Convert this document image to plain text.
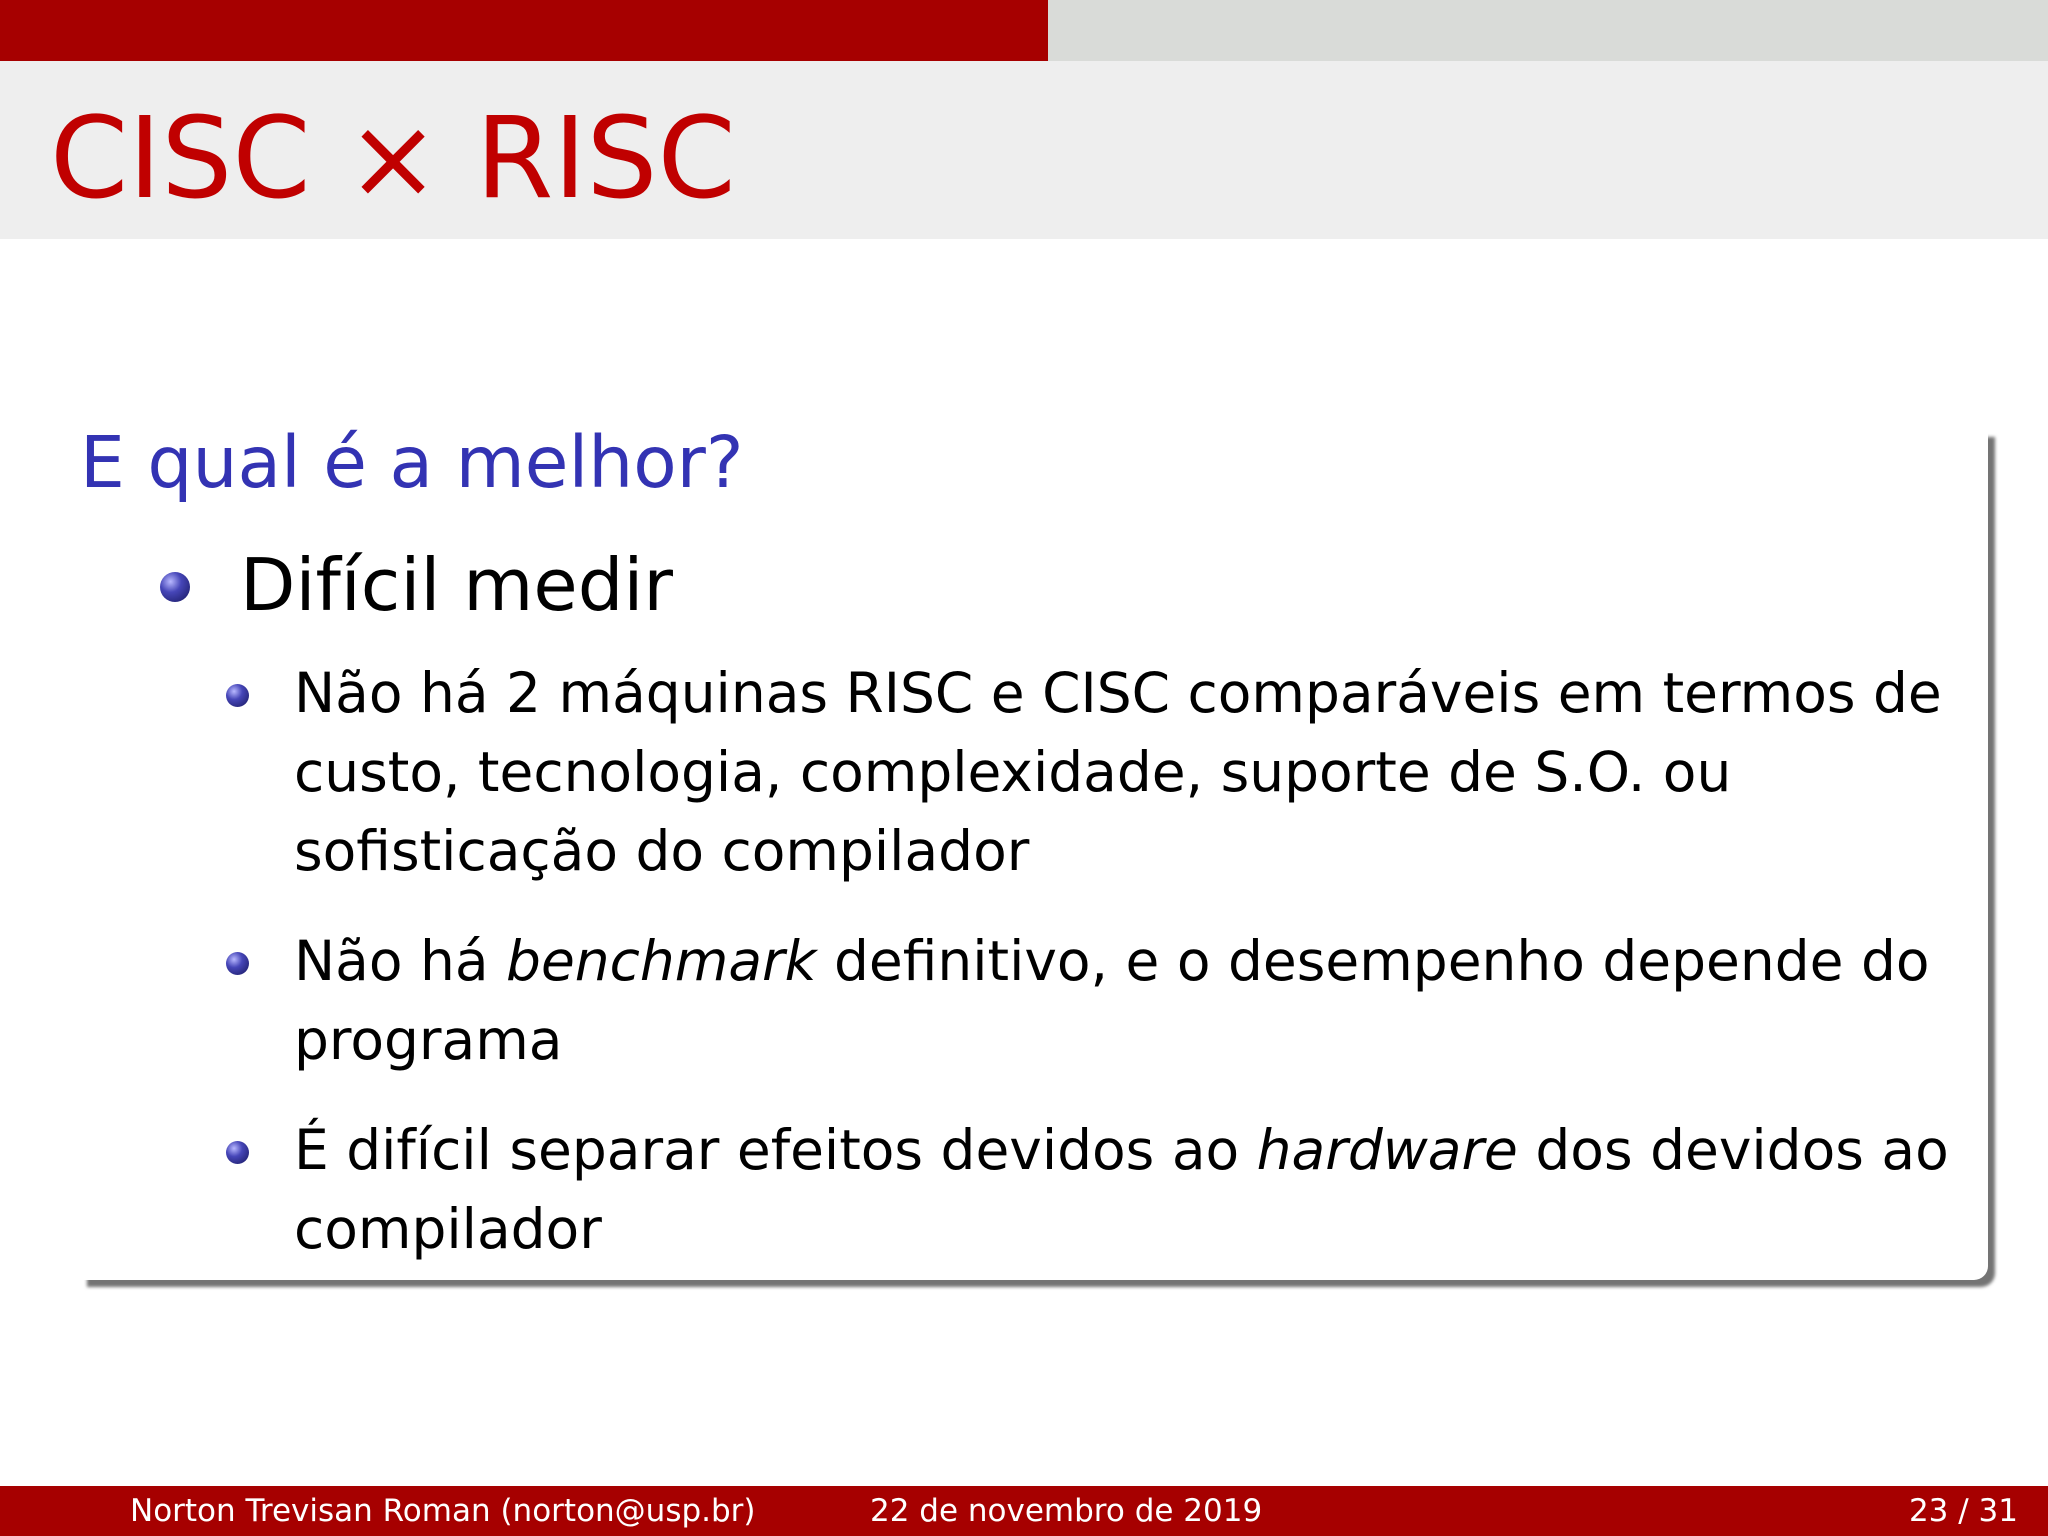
CISC × RISC
E qual é a melhor?
Difícil medir
Não há 2 máquinas RISC e CISC comparáveis em termos de custo, tecnologia, complexidade, suporte de S.O. ou sofisticação do compilador
Não há benchmark definitivo, e o desempenho depende do programa
É difícil separar efeitos devidos ao hardware dos devidos ao compilador
Norton Trevisan Roman (norton@usp.br)	22 de novembro de 2019	23 / 31
